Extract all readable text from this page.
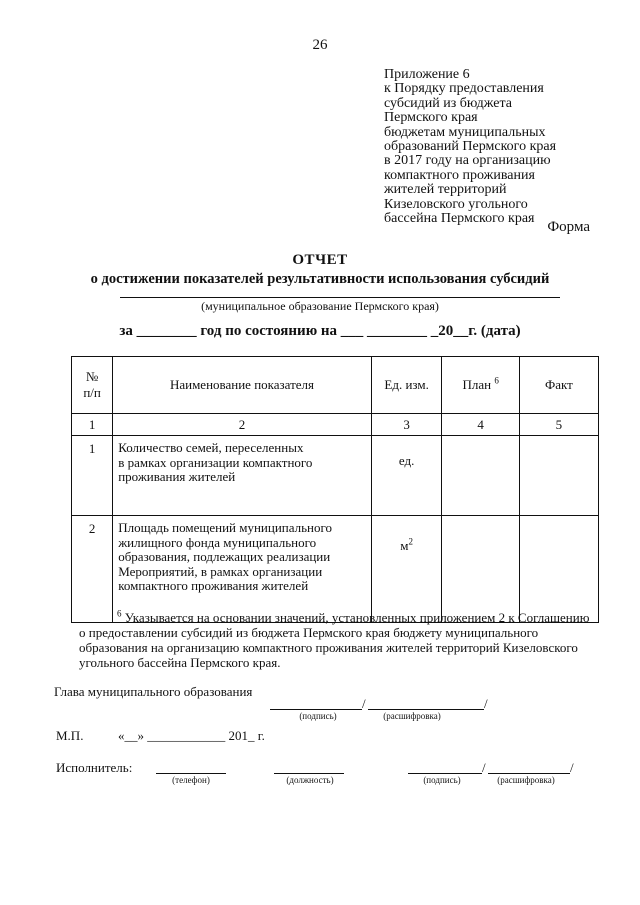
26
Приложение 6
к Порядку предоставления
субсидий из бюджета
Пермского края
бюджетам муниципальных
образований Пермского края
в 2017 году на организацию
компактного проживания
жителей территорий
Кизеловского угольного
бассейна Пермского края
Форма
ОТЧЕТ
о достижении показателей результативности использования субсидий
(муниципальное образование Пермского края)
за ________ год по состоянию на ___ ________ _20__г. (дата)
№
п/п	Наименование показателя	Ед. изм.	План $^6$	Факт
1	2	3	4	5
1	Количество семей, переселенных
в рамках организации компактного
проживания жителей	ед.		
2	Площадь помещений муниципального
жилищного фонда муниципального
образования, подлежащих реализации
Мероприятий, в рамках организации
компактного проживания жителей	$м^2$		
$^6$ Указывается на основании значений, установленных приложением 2 к Соглашению
о предоставлении субсидий из бюджета Пермского края бюджету муниципального
образования на организацию компактного проживания жителей территорий Кизеловского
угольного бассейна Пермского края.
Глава муниципального образования
/	/
(подпись)	(расшифровка)
М.П.	«__» ____________ 201_ г.
Исполнитель:
(телефон)	(должность)
/	/
(подпись)	(расшифровка)
